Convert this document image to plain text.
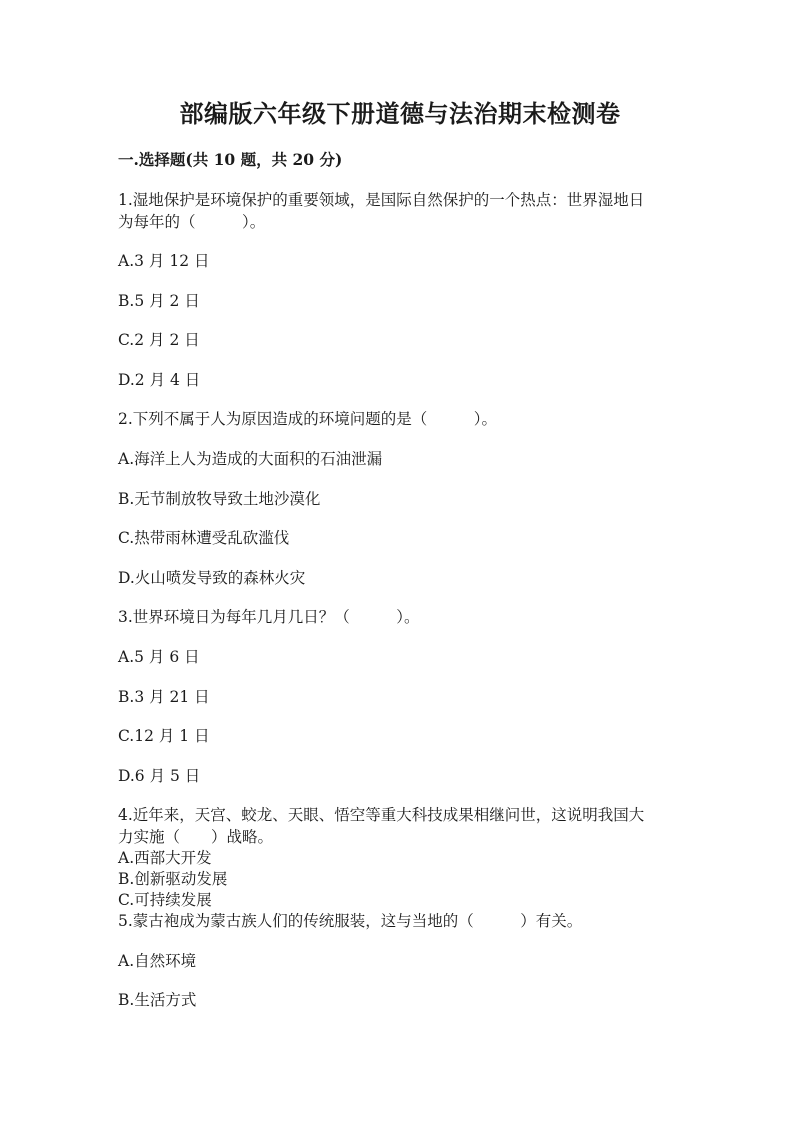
部编版六年级下册道德与法治期末检测卷
一.选择题(共 10 题，共 20 分)
1.湿地保护是环境保护的重要领域，是国际自然保护的一个热点：世界湿地日
为每年的（　　　）。
A.3 月 12 日
B.5 月 2 日
C.2 月 2 日
D.2 月 4 日
2.下列不属于人为原因造成的环境问题的是（　　　）。
A.海洋上人为造成的大面积的石油泄漏
B.无节制放牧导致土地沙漠化
C.热带雨林遭受乱砍滥伐
D.火山喷发导致的森林火灾
3.世界环境日为每年几月几日？（　　　）。
A.5 月 6 日
B.3 月 21 日
C.12 月 1 日
D.6 月 5 日
4.近年来，天宫、蛟龙、天眼、悟空等重大科技成果相继问世，这说明我国大
力实施（　　）战略。
A.西部大开发
B.创新驱动发展
C.可持续发展
5.蒙古袍成为蒙古族人们的传统服装，这与当地的（　　　）有关。
A.自然环境
B.生活方式
